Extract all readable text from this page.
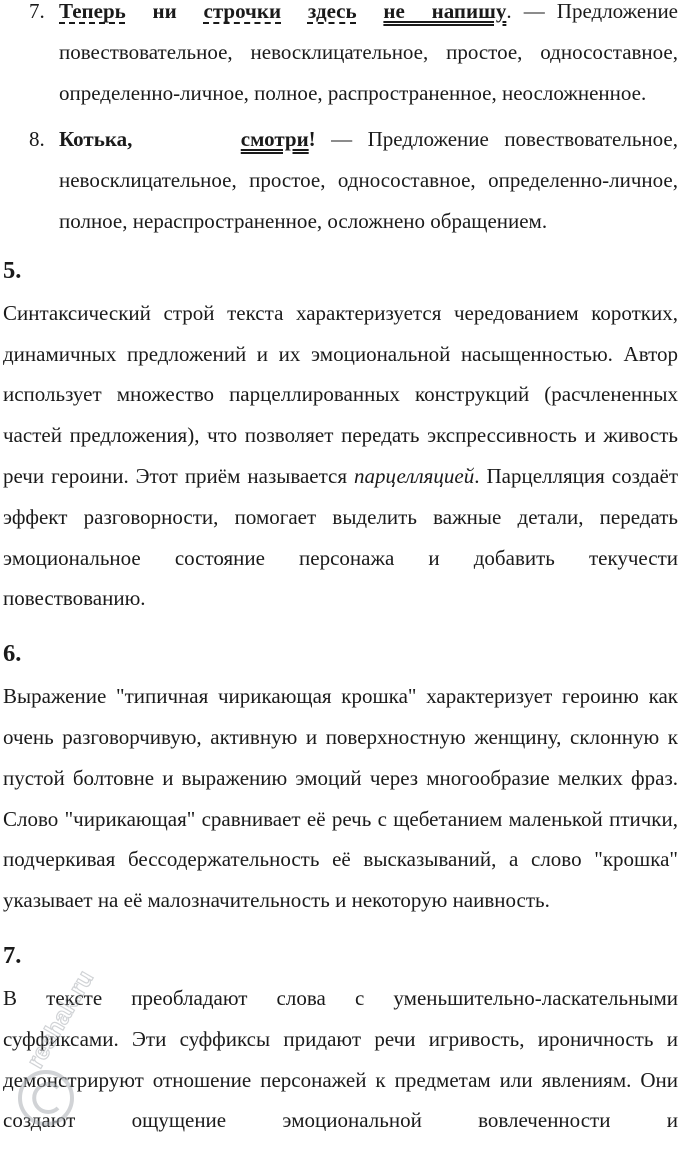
7. Теперь ни строчки здесь не напишу. — Предложение повествовательное, невосклицательное, простое, односоставное, определенно-личное, полное, распространенное, неосложненное.

8. Котька,	смотри! — Предложение повествовательное, невосклицательное, простое, односоставное, определенно-личное, полное, нераспространенное, осложнено обращением.

5.

Синтаксический строй текста характеризуется чередованием коротких, динамичных предложений и их эмоциональной насыщенностью. Автор использует множество парцеллированных конструкций (расчлененных частей предложения), что позволяет передать экспрессивность и живость речи героини. Этот приём называется парцелляцией. Парцелляция создаёт эффект разговорности, помогает выделить важные детали, передать эмоциональное состояние персонажа и добавить текучести повествованию.

6.

Выражение "типичная чирикающая крошка" характеризует героиню как очень разговорчивую, активную и поверхностную женщину, склонную к пустой болтовне и выражению эмоций через многообразие мелких фраз. Слово "чирикающая" сравнивает её речь с щебетанием маленькой птички, подчеркивая бессодержательность её высказываний, а слово "крошка" указывает на её малозначительность и некоторую наивность.

7.

В тексте преобладают слова с уменьшительно-ласкательными суффиксами. Эти суффиксы придают речи игривость, ироничность и демонстрируют отношение персонажей к предметам или явлениям. Они создают ощущение эмоциональной вовлеченности и

reshak.ru
